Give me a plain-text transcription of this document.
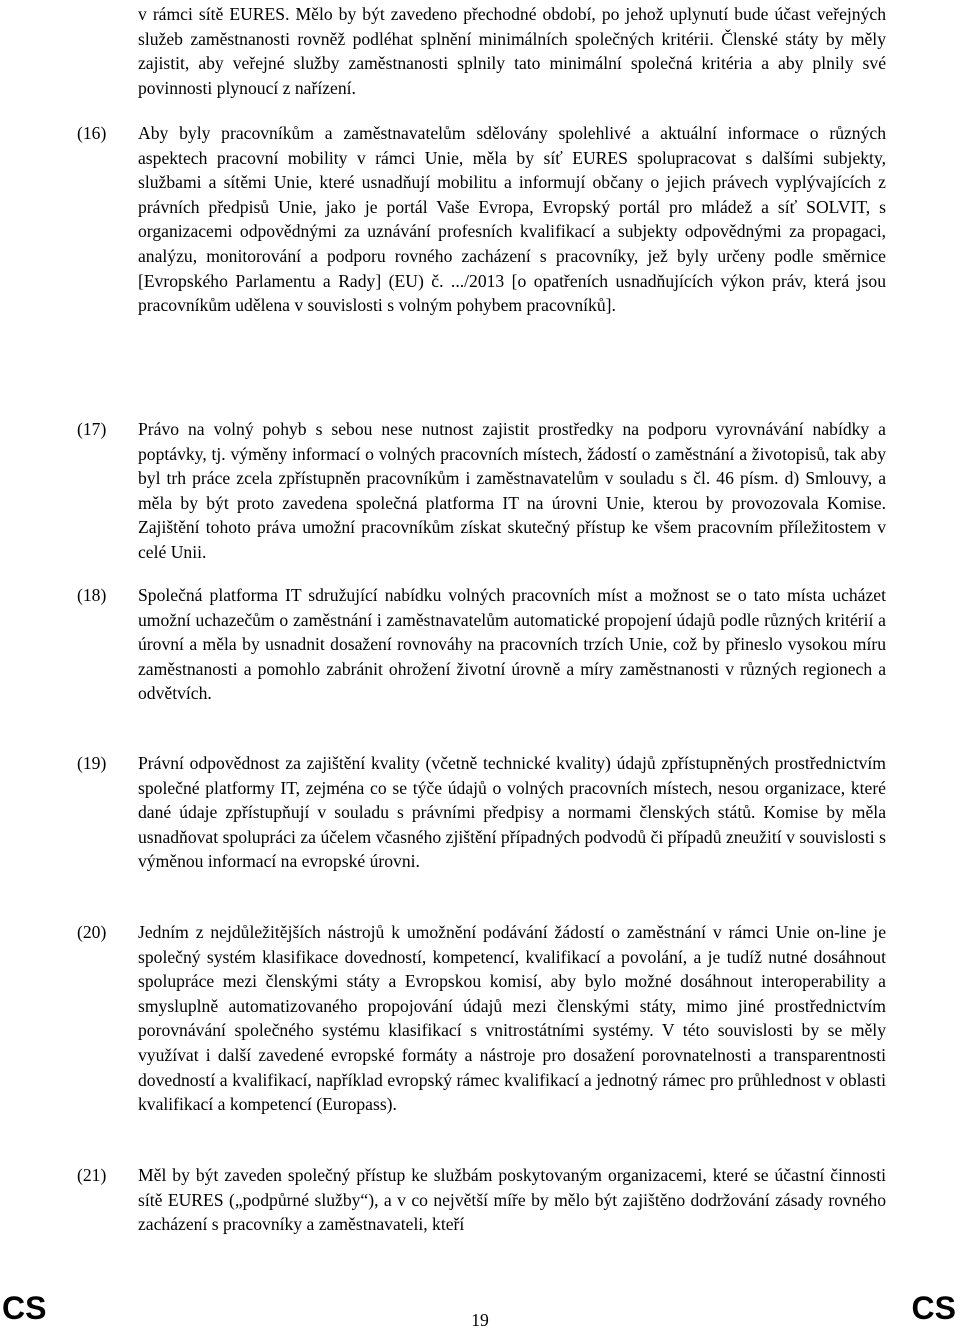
v rámci sítě EURES. Mělo by být zavedeno přechodné období, po jehož uplynutí bude účast veřejných služeb zaměstnanosti rovněž podléhat splnění minimálních společných kritérii. Členské státy by měly zajistit, aby veřejné služby zaměstnanosti splnily tato minimální společná kritéria a aby plnily své povinnosti plynoucí z nařízení.

(16)	Aby byly pracovníkům a zaměstnavatelům sdělovány spolehlivé a aktuální informace o různých aspektech pracovní mobility v rámci Unie, měla by síť EURES spolupracovat s dalšími subjekty, službami a sítěmi Unie, které usnadňují mobilitu a informují občany o jejich právech vyplývajících z právních předpisů Unie, jako je portál Vaše Evropa, Evropský portál pro mládež a síť SOLVIT, s organizacemi odpovědnými za uznávání profesních kvalifikací a subjekty odpovědnými za propagaci, analýzu, monitorování a podporu rovného zacházení s pracovníky, jež byly určeny podle směrnice [Evropského Parlamentu a Rady] (EU) č. .../2013 [o opatřeních usnadňujících výkon práv, která jsou pracovníkům udělena v souvislosti s volným pohybem pracovníků].

(17)	Právo na volný pohyb s sebou nese nutnost zajistit prostředky na podporu vyrovnávání nabídky a poptávky, tj. výměny informací o volných pracovních místech, žádostí o zaměstnání a životopisů, tak aby byl trh práce zcela zpřístupněn pracovníkům i zaměstnavatelům v souladu s čl. 46 písm. d) Smlouvy, a měla by být proto zavedena společná platforma IT na úrovni Unie, kterou by provozovala Komise. Zajištění tohoto práva umožní pracovníkům získat skutečný přístup ke všem pracovním příležitostem v celé Unii.

(18)	Společná platforma IT sdružující nabídku volných pracovních míst a možnost se o tato místa ucházet umožní uchazečům o zaměstnání i zaměstnavatelům automatické propojení údajů podle různých kritérií a úrovní a měla by usnadnit dosažení rovnováhy na pracovních trzích Unie, což by přineslo vysokou míru zaměstnanosti a pomohlo zabránit ohrožení životní úrovně a míry zaměstnanosti v různých regionech a odvětvích.

(19)	Právní odpovědnost za zajištění kvality (včetně technické kvality) údajů zpřístupněných prostřednictvím společné platformy IT, zejména co se týče údajů o volných pracovních místech, nesou organizace, které dané údaje zpřístupňují v souladu s právními předpisy a normami členských států. Komise by měla usnadňovat spolupráci za účelem včasného zjištění případných podvodů či případů zneužití v souvislosti s výměnou informací na evropské úrovni.

(20)	Jedním z nejdůležitějších nástrojů k umožnění podávání žádostí o zaměstnání v rámci Unie on-line je společný systém klasifikace dovedností, kompetencí, kvalifikací a povolání, a je tudíž nutné dosáhnout spolupráce mezi členskými státy a Evropskou komisí, aby bylo možné dosáhnout interoperability a smysluplně automatizovaného propojování údajů mezi členskými státy, mimo jiné prostřednictvím porovnávání společného systému klasifikací s vnitrostátními systémy. V této souvislosti by se měly využívat i další zavedené evropské formáty a nástroje pro dosažení porovnatelnosti a transparentnosti dovedností a kvalifikací, například evropský rámec kvalifikací a jednotný rámec pro průhlednost v oblasti kvalifikací a kompetencí (Europass).

(21)	Měl by být zaveden společný přístup ke službám poskytovaným organizacemi, které se účastní činnosti sítě EURES („podpůrné služby“), a v co největší míře by mělo být zajištěno dodržování zásady rovného zacházení s pracovníky a zaměstnavateli, kteří

CS	19	CS
